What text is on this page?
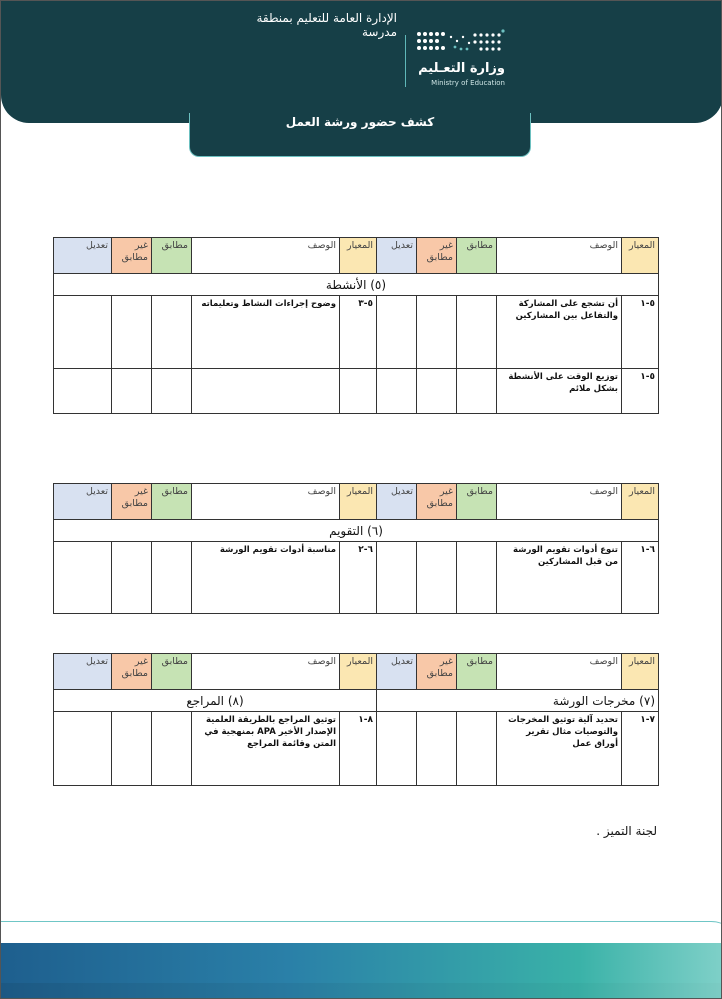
الإدارة العامة للتعليم بمنطقة
مدرسة
وزارة التعـليم
Ministry of Education
كشف حضور ورشة العمل
المعيار	الوصف	مطابق	غير مطابق	تعديل	المعيار	الوصف	مطابق	غير مطابق	تعديل
(٥) الأنشطة									
٥-١	أن تشجع على المشاركة والتفاعل بين المشاركين				٥-٣	وضوح إجراءات النشاط وتعليماته			
٥-١	توزيع الوقت على الأنشطة بشكل ملائم								
المعيار	الوصف	مطابق	غير مطابق	تعديل	المعيار	الوصف	مطابق	غير مطابق	تعديل
(٦) التقويم									
٦-١	تنوع أدوات تقويم الورشة من قبل المشاركين				٦-٢	مناسبة أدوات تقويم الورشة			
المعيار	الوصف	مطابق	غير مطابق	تعديل	المعيار	الوصف	مطابق	غير مطابق	تعديل
(٧) مخرجات الورشة					(٨) المراجع				
٧-١	تحديد آلية توثيق المخرجات والتوصيات مثال تقرير أوراق عمل				٨-١	توثيق المراجع بالطريقة العلمية الإصدار الأخير APA بمنهجية في المتن وقائمة المراجع			
لجنة التميز .
